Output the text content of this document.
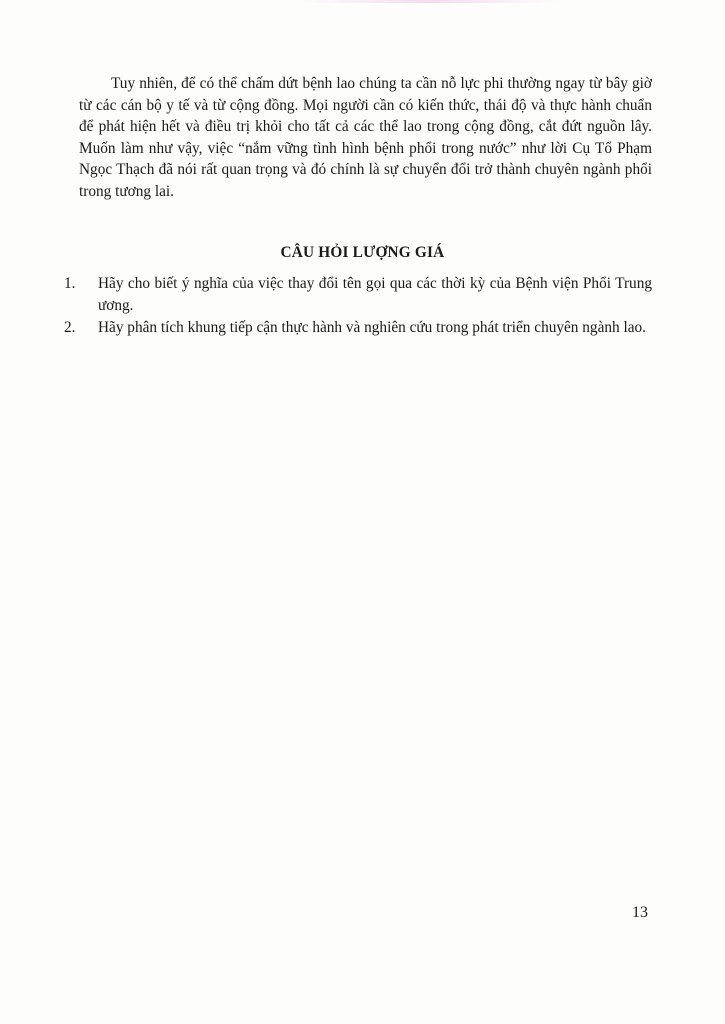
Tuy nhiên, để có thể chấm dứt bệnh lao chúng ta cần nỗ lực phi thường ngay từ bây giờ từ các cán bộ y tế và từ cộng đồng. Mọi người cần có kiến thức, thái độ và thực hành chuẩn để phát hiện hết và điều trị khỏi cho tất cả các thể lao trong cộng đồng, cắt đứt nguồn lây. Muốn làm như vậy, việc “nắm vững tình hình bệnh phổi trong nước” như lời Cụ Tổ Phạm Ngọc Thạch đã nói rất quan trọng và đó chính là sự chuyển đổi trở thành chuyên ngành phổi trong tương lai.

CÂU HỎI LƯỢNG GIÁ
1.	Hãy cho biết ý nghĩa của việc thay đổi tên gọi qua các thời kỳ của Bệnh viện Phổi Trung ương.
2.	Hãy phân tích khung tiếp cận thực hành và nghiên cứu trong phát triển chuyên ngành lao.
13
